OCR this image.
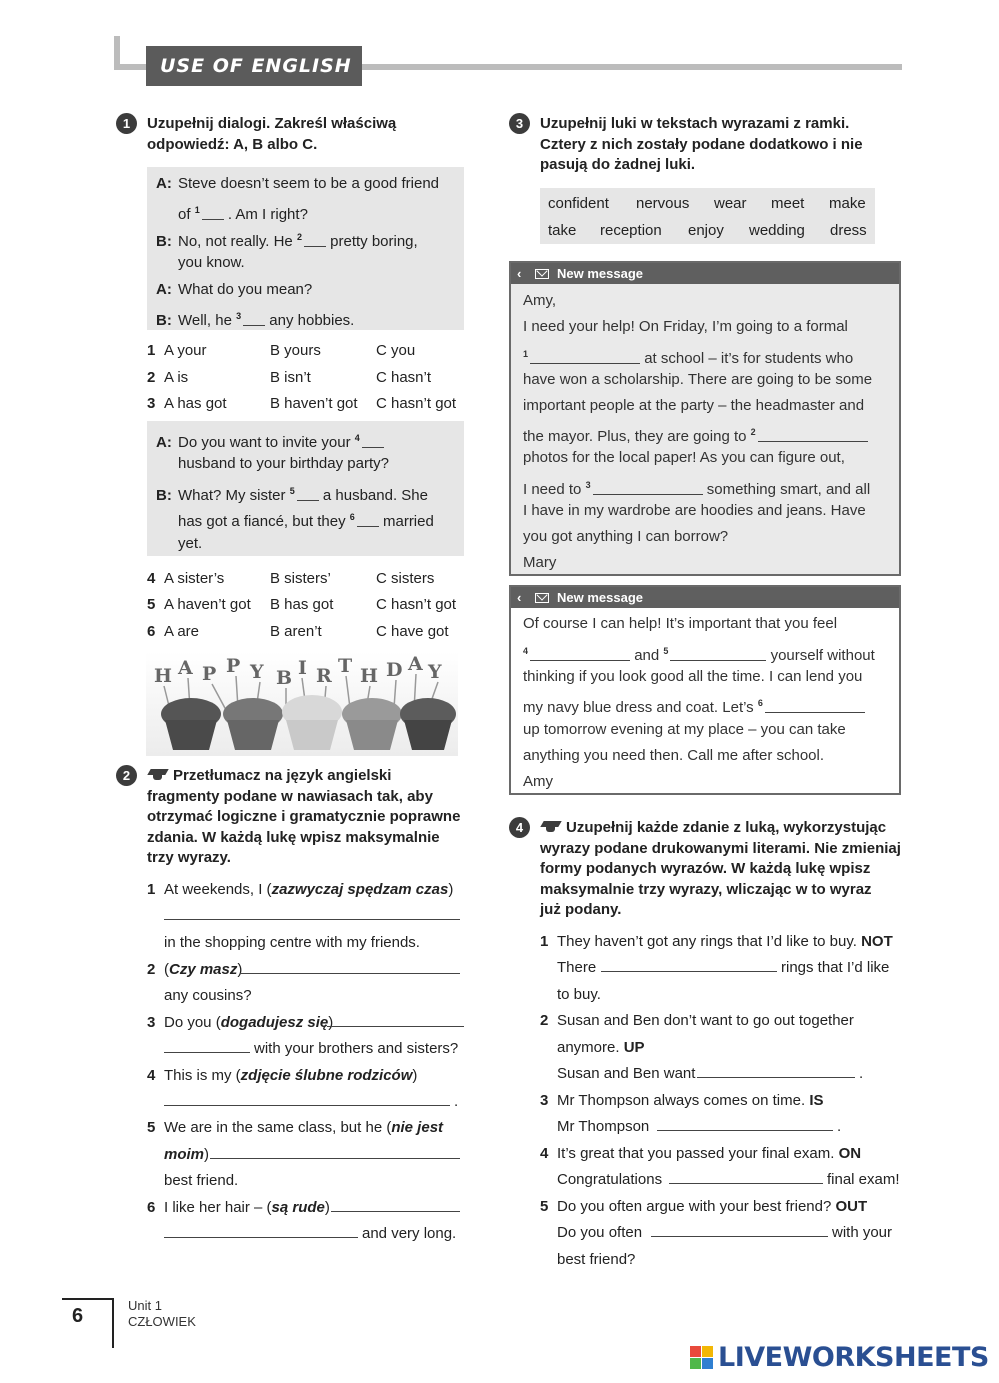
USE OF ENGLISH
1	Uzupełnij dialogi. Zakreśl właściwą
odpowiedź: A, B albo C.
A: Steve doesn’t seem to be a good friend
of $^1$ . Am I right?
B: No, not really. He $^2$ pretty boring,
you know.
A: What do you mean?
B: Well, he $^3$ any hobbies.
1 A your	B yours	C you
2 A is	B isn’t	C hasn’t
3 A has got	B haven’t got C hasn’t got
A: Do you want to invite your $^4$
husband to your birthday party?
B: What? My sister $^5$ a husband. She
has got a fiancé, but they $^6$ married
yet.
4 A sister’s	B sisters’	C sisters
5 A haven’t got B has got	C hasn’t got
6 A are	B aren’t	C have got
H A P P Y B I R T H D A Y
2	Przetłumacz na język angielski
fragmenty podane w nawiasach tak, aby
otrzymać logiczne i gramatycznie poprawne
zdania. W każdą lukę wpisz maksymalnie
trzy wyrazy.
1 At weekends, I (zazwyczaj spędzam czas)
in the shopping centre with my friends.
2 (Czy masz)
any cousins?
3 Do you (dogadujesz się)
with your brothers and sisters?
4 This is my (zdjęcie ślubne rodziców)
.
5 We are in the same class, but he (nie jest
moim)
best friend.
6 I like her hair – (są rude)
and very long.
3	Uzupełnij luki w tekstach wyrazami z ramki.
Cztery z nich zostały podane dodatkowo i nie
pasują do żadnej luki.
confident nervous wear meet make
take reception enjoy wedding dress
‹	New message
Amy,
I need your help! On Friday, I’m going to a formal
$^1$	at school – it’s for students who
have won a scholarship. There are going to be some
important people at the party – the headmaster and
the mayor. Plus, they are going to $^2$
photos for the local paper! As you can figure out,
I need to $^3$	something smart, and all
I have in my wardrobe are hoodies and jeans. Have
you got anything I can borrow?
Mary
‹	New message
Of course I can help! It’s important that you feel
$^4$	and $^5$	yourself without
thinking if you look good all the time. I can lend you
my navy blue dress and coat. Let’s $^6$
up tomorrow evening at my place – you can take
anything you need then. Call me after school.
Amy
4	Uzupełnij każde zdanie z luką, wykorzystując
wyrazy podane drukowanymi literami. Nie zmieniaj
formy podanych wyrazów. W każdą lukę wpisz
maksymalnie trzy wyrazy, wliczając w to wyraz
już podany.
1 They haven’t got any rings that I’d like to buy. NOT
There	rings that I’d like
to buy.
2 Susan and Ben don’t want to go out together
anymore. UP
Susan and Ben want	.
3 Mr Thompson always comes on time. IS
Mr Thompson	.
4 It’s great that you passed your final exam. ON
Congratulations	final exam!
5 Do you often argue with your best friend? OUT
Do you often	with your
best friend?
6	Unit 1
CZŁOWIEK
LIVEWORKSHEETS
